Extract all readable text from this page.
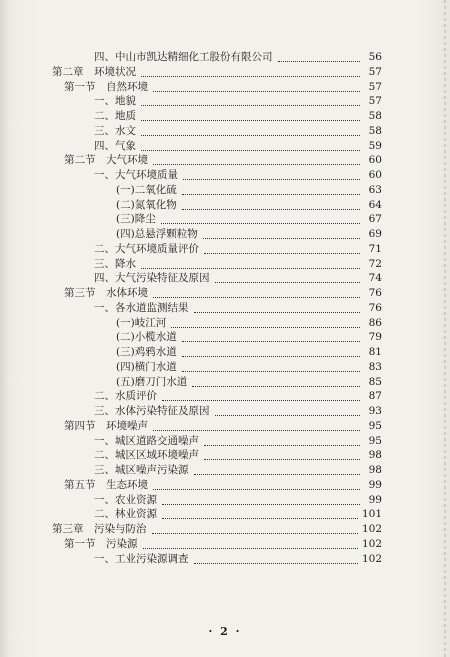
四、中山市凯达精细化工股份有限公司	56
第二章　环境状况	57
第一节　自然环境	57
一、地貌	57
二、地质	58
三、水文	58
四、气象	59
第二节　大气环境	60
一、大气环境质量	60
(一)二氧化硫	63
(二)氮氧化物	64
(三)降尘	67
(四)总悬浮颗粒物	69
二、大气环境质量评价	71
三、降水	72
四、大气污染特征及原因	74
第三节　水体环境	76
一、各水道监测结果	76
(一)岐江河	86
(二)小榄水道	79
(三)鸡鸦水道	81
(四)横门水道	83
(五)磨刀门水道	85
二、水质评价	87
三、水体污染特征及原因	93
第四节　环境噪声	95
一、城区道路交通噪声	95
二、城区区域环境噪声	98
三、城区噪声污染源	98
第五节　生态环境	99
一、农业资源	99
二、林业资源	101
第三章　污染与防治	102
第一节　污染源	102
一、工业污染源调查	102
· 2 ·
